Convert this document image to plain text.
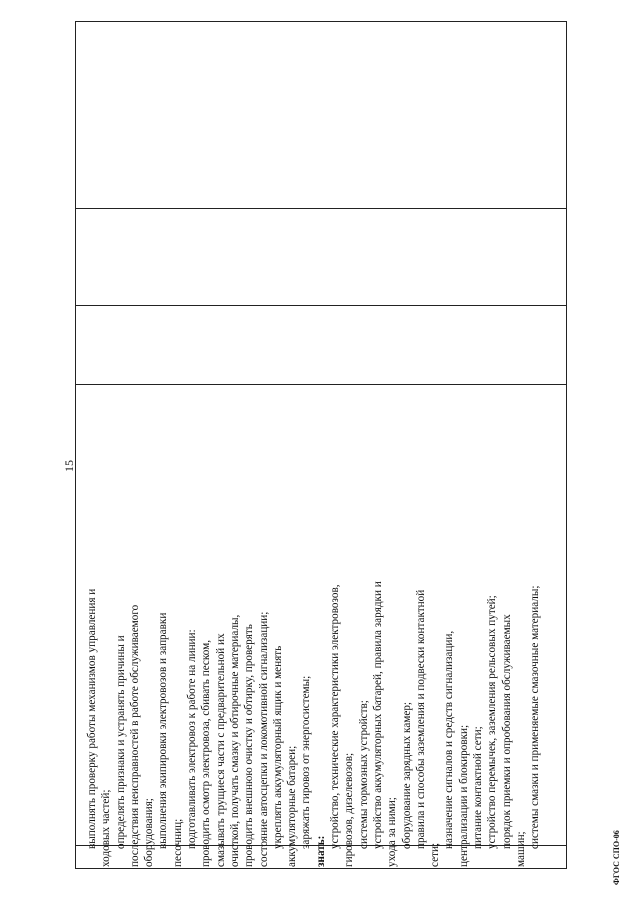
15
выполнять проверку работы механизмов управления и ходовых частей; определять признаки и устранять причины и последствия неисправностей в работе обслуживаемого оборудования; выполнения экипировки электровозов и заправки песочниц; подготавливать электровоз к работе на линии: проводить осмотр электровоза, сбивать песком, смазывать трущиеся части с предварительной их очисткой, получать смазку и обтирочные материалы, проводить внешнюю очистку и обтирку, проверять состояние автосцепки и локомотивной сигнализации; укреплять аккумуляторный ящик и менять аккумуляторные батареи; заряжать гировоз от энергосистемы;
знать:
устройство, технические характеристики электровозов, гировозов, дизелевозов; системы тормозных устройств; устройство аккумуляторных батарей, правила зарядки и ухода за ними; оборудование зарядных камер; правила и способы заземления и подвески контактной
сети;
назначение сигналов и средств сигнализации, централизации и блокировки; питание контактной сети; устройство перемычек, заземления рельсовых путей; порядок приемки и опробования обслуживаемых
машин;
системы смазки и применяемые смазочные материалы;
ФГОС СПО-06
